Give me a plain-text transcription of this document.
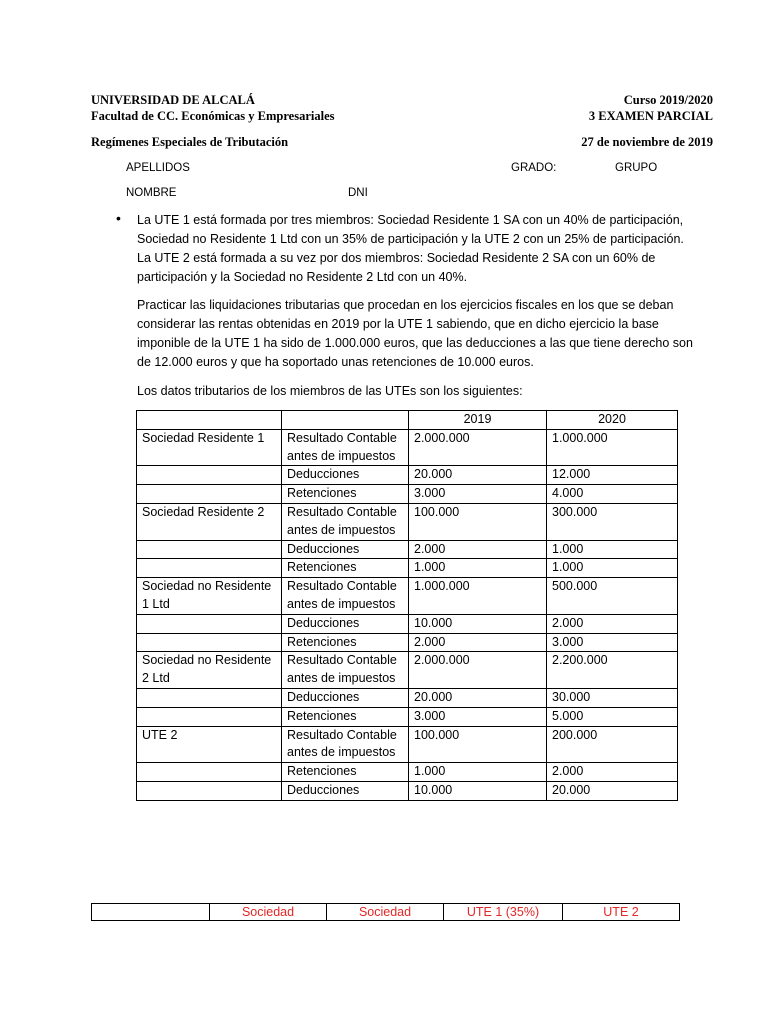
UNIVERSIDAD DE ALCALÁ	Curso 2019/2020
Facultad de CC. Económicas y Empresariales	3 EXAMEN PARCIAL
Regímenes Especiales de Tributación	27 de noviembre de 2019
APELLIDOS	GRADO:	GRUPO
NOMBRE	DNI
• La UTE 1 está formada por tres miembros: Sociedad Residente 1 SA con un 40% de participación, Sociedad no Residente 1 Ltd con un 35% de participación y la UTE 2 con un 25% de participación. La UTE 2 está formada a su vez por dos miembros: Sociedad Residente 2 SA con un 60% de participación y la Sociedad no Residente 2 Ltd con un 40%.

Practicar las liquidaciones tributarias que procedan en los ejercicios fiscales en los que se deban considerar las rentas obtenidas en 2019 por la UTE 1 sabiendo, que en dicho ejercicio la base imponible de la UTE 1 ha sido de 1.000.000 euros, que las deducciones a las que tiene derecho son de 12.000 euros y que ha soportado unas retenciones de 10.000 euros.

Los datos tributarios de los miembros de las UTEs son los siguientes:

		2019	2020
Sociedad Residente 1	Resultado Contable antes de impuestos	2.000.000	1.000.000
	Deducciones	20.000	12.000
	Retenciones	3.000	4.000
Sociedad Residente 2	Resultado Contable antes de impuestos	100.000	300.000
	Deducciones	2.000	1.000
	Retenciones	1.000	1.000
Sociedad no Residente 1 Ltd	Resultado Contable antes de impuestos	1.000.000	500.000
	Deducciones	10.000	2.000
	Retenciones	2.000	3.000
Sociedad no Residente 2 Ltd	Resultado Contable antes de impuestos	2.000.000	2.200.000
	Deducciones	20.000	30.000
	Retenciones	3.000	5.000
UTE 2	Resultado Contable antes de impuestos	100.000	200.000
	Retenciones	1.000	2.000
	Deducciones	10.000	20.000
	Sociedad	Sociedad	UTE 1 (35%)	UTE 2
